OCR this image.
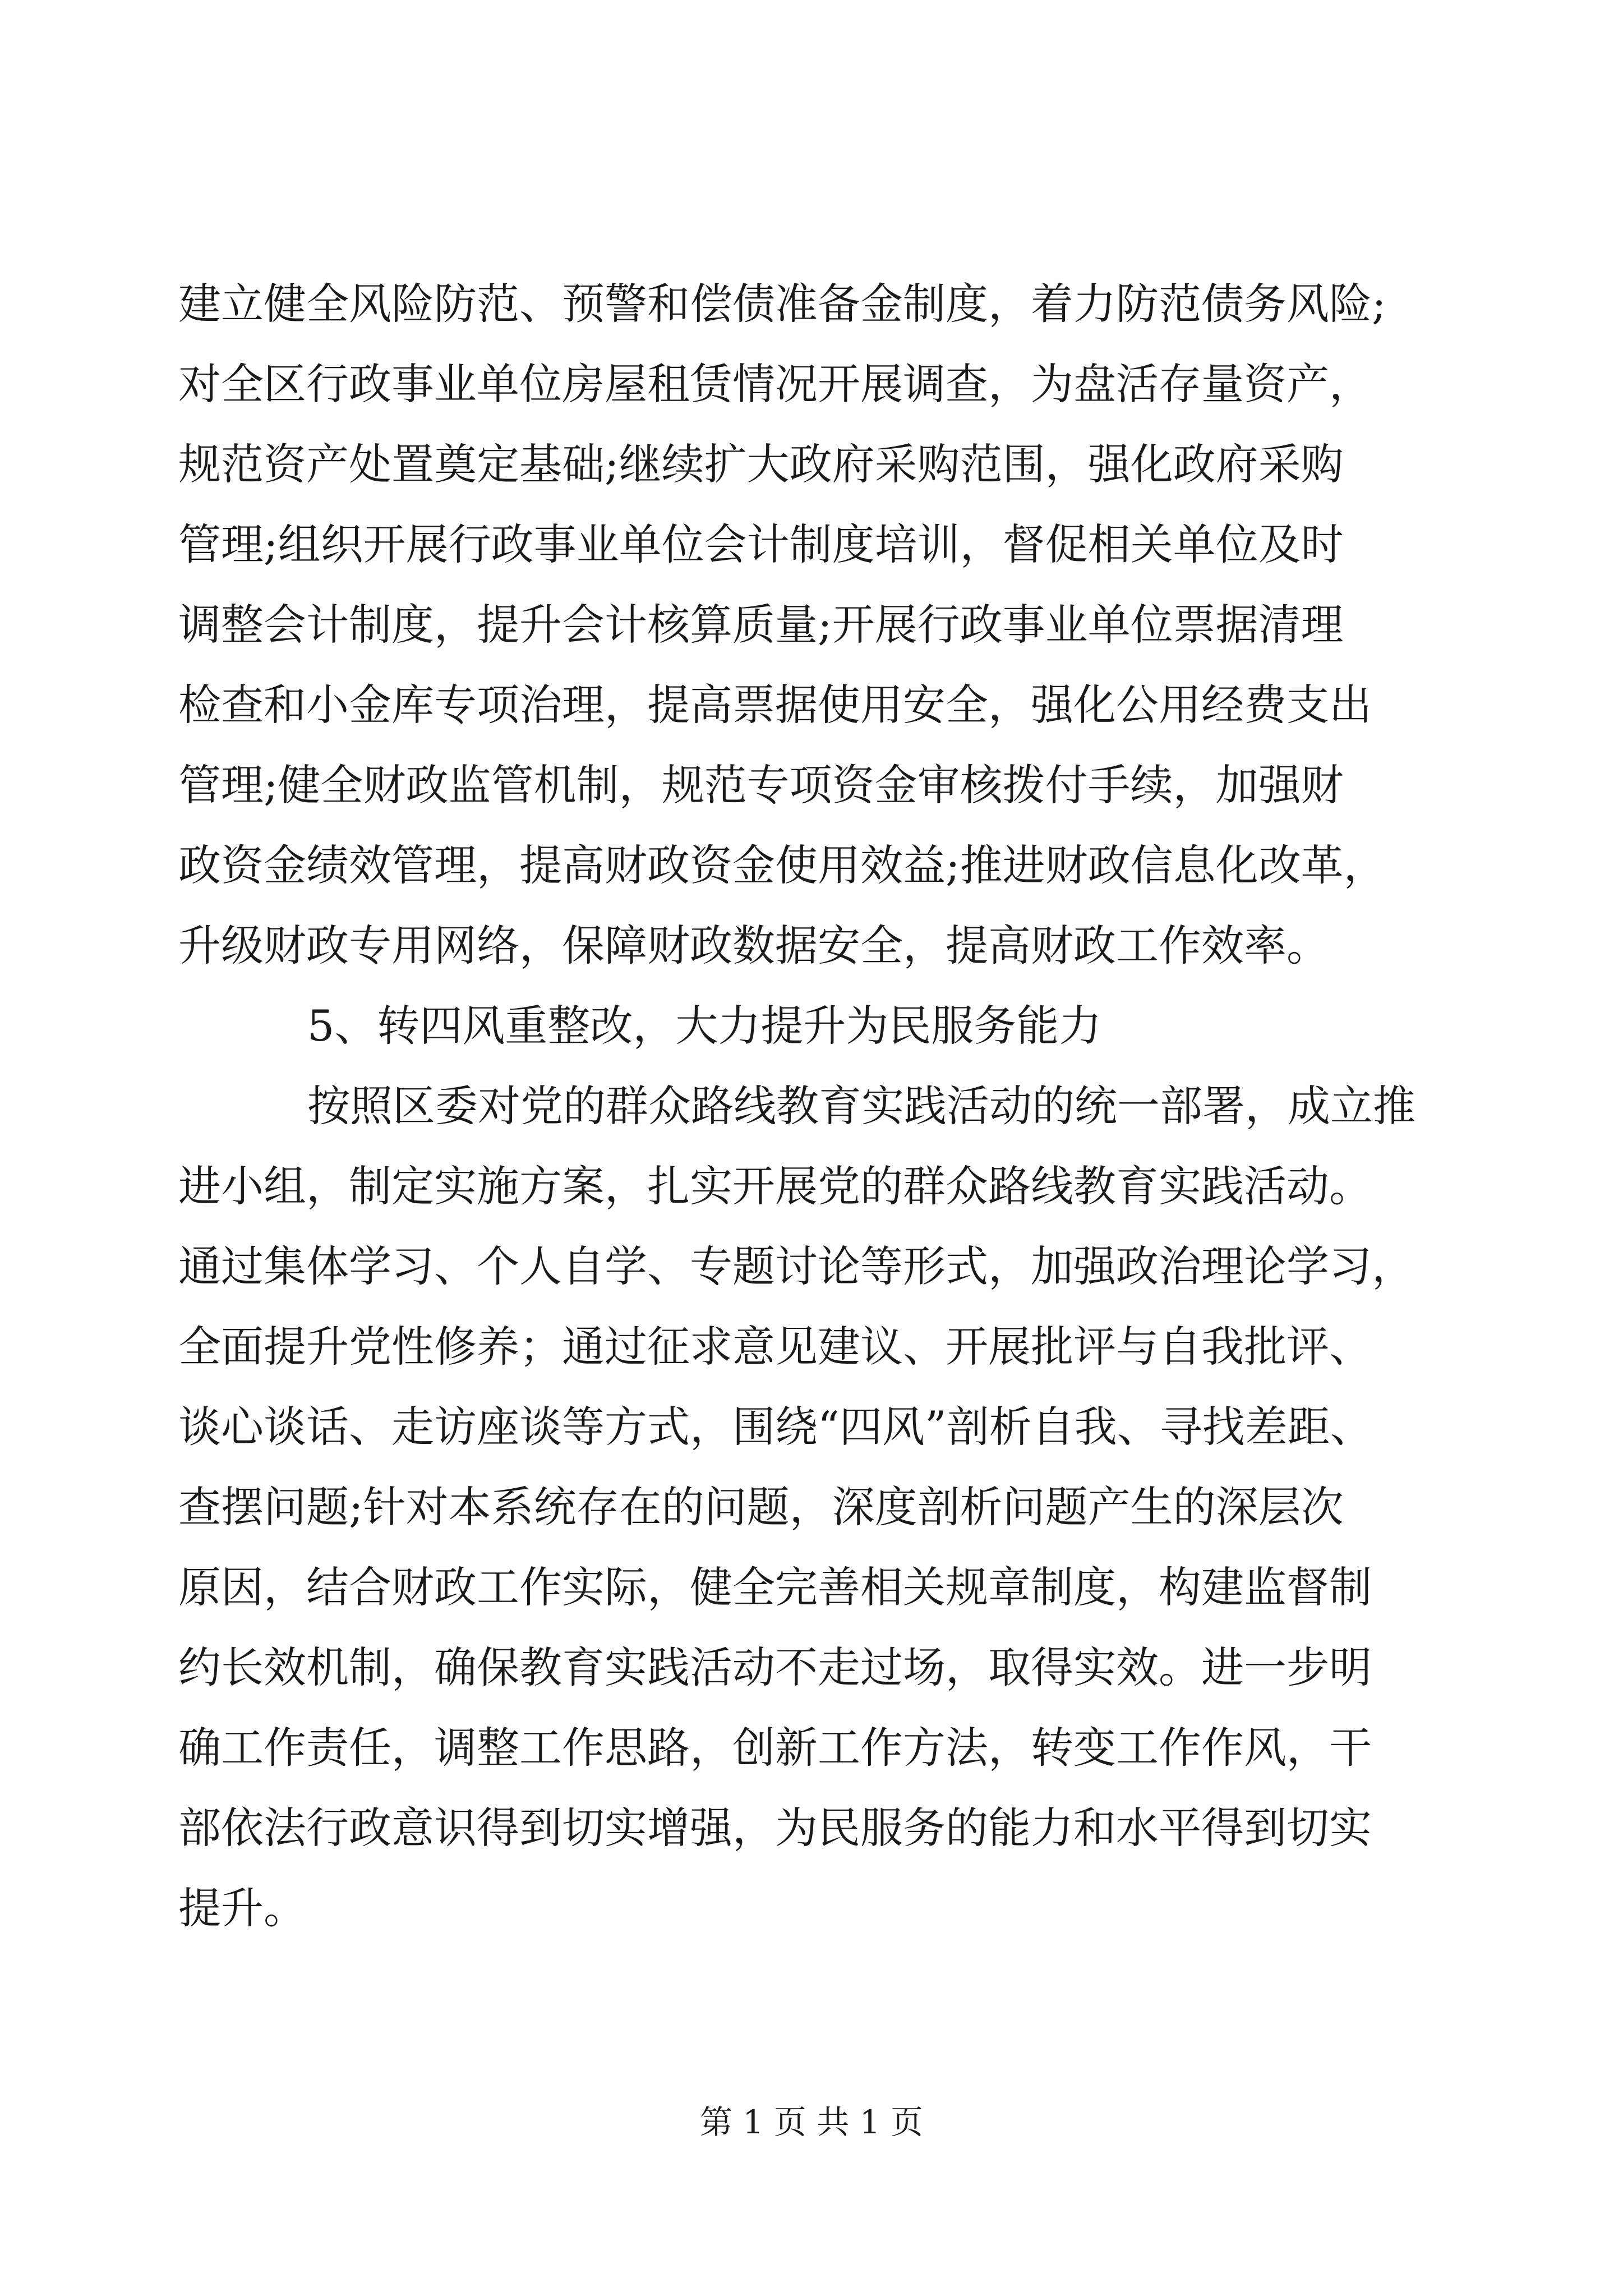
建立健全风险防范、预警和偿债准备金制度，着力防范债务风险;
对全区行政事业单位房屋租赁情况开展调查，为盘活存量资产，
规范资产处置奠定基础;继续扩大政府采购范围，强化政府采购
管理;组织开展行政事业单位会计制度培训，督促相关单位及时
调整会计制度，提升会计核算质量;开展行政事业单位票据清理
检查和小金库专项治理，提高票据使用安全，强化公用经费支出
管理;健全财政监管机制，规范专项资金审核拨付手续，加强财
政资金绩效管理，提高财政资金使用效益;推进财政信息化改革，
升级财政专用网络，保障财政数据安全，提高财政工作效率。
5、转四风重整改，大力提升为民服务能力
按照区委对党的群众路线教育实践活动的统一部署，成立推
进小组，制定实施方案，扎实开展党的群众路线教育实践活动。
通过集体学习、个人自学、专题讨论等形式，加强政治理论学习，
全面提升党性修养；通过征求意见建议、开展批评与自我批评、
谈心谈话、走访座谈等方式，围绕“四风”剖析自我、寻找差距、
查摆问题;针对本系统存在的问题，深度剖析问题产生的深层次
原因，结合财政工作实际，健全完善相关规章制度，构建监督制
约长效机制，确保教育实践活动不走过场，取得实效。进一步明
确工作责任，调整工作思路，创新工作方法，转变工作作风，干
部依法行政意识得到切实增强，为民服务的能力和水平得到切实
提升。
第 1 页 共 1 页
